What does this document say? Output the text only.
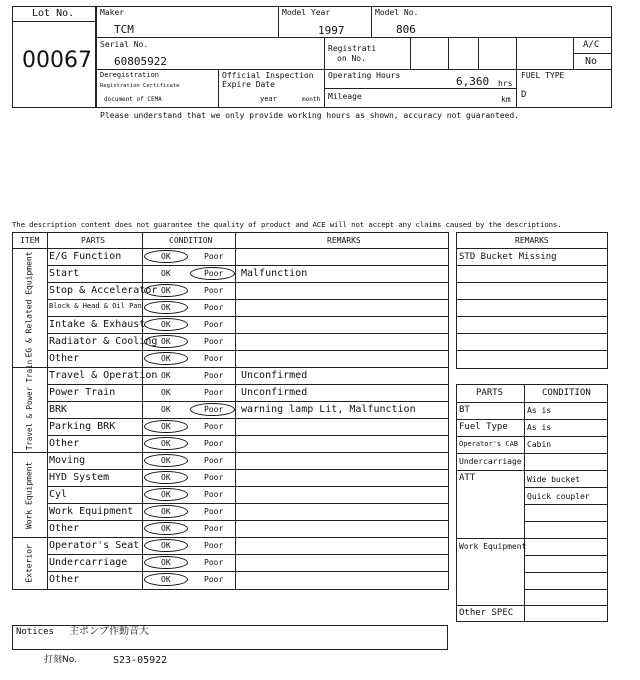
Lot No.
00067
Maker
TCM
Model Year
1997
Model No.
806
Serial No.
60805922
Registrati
on No.
A/C
No
Deregistration
Registration Certificate
document of CEMA
Official Inspection
Expire Date
year	month
Operating Hours	6,360 hrs
Mileage	km
FUEL TYPE
D
Please understand that we only provide working hours as shown, accuracy not guaranteed.
The description content does not guarantee the quality of product and ACE will not accept any claims caused by the descriptions.
ITEM	PARTS	CONDITION	REMARKS
EG & Related Equipment
Travel & Power Train
Work Equipment
Exterior
E/G Function	OK	Poor
Start	OK	Poor Malfunction
Stop & Accelerator OK	Poor
Block & Head & Oil Pan OK	Poor
Intake & Exhaust OK	Poor
Radiator & Cooling OK	Poor
Other	OK	Poor
Travel & Operation OK	Poor Unconfirmed
Power Train	OK	Poor Unconfirmed
BRK	OK	Poor warning lamp Lit, Malfunction
Parking BRK	OK	Poor
Other	OK	Poor
Moving	OK	Poor
HYD System	OK	Poor
Cyl	OK	Poor
Work Equipment	OK	Poor
Other	OK	Poor
Operator's Seat	OK	Poor
Undercarriage	OK	Poor
Other	OK	Poor
REMARKS
STD Bucket Missing
PARTS	CONDITION
BT	As is
Fuel Type As is
Operator's CAB Cabin
Undercarriage
ATT	Wide bucket
Quick coupler
Work Equipment
Other SPEC
Notices 主ポンプ作動音大
打刻No.	S23-05922
